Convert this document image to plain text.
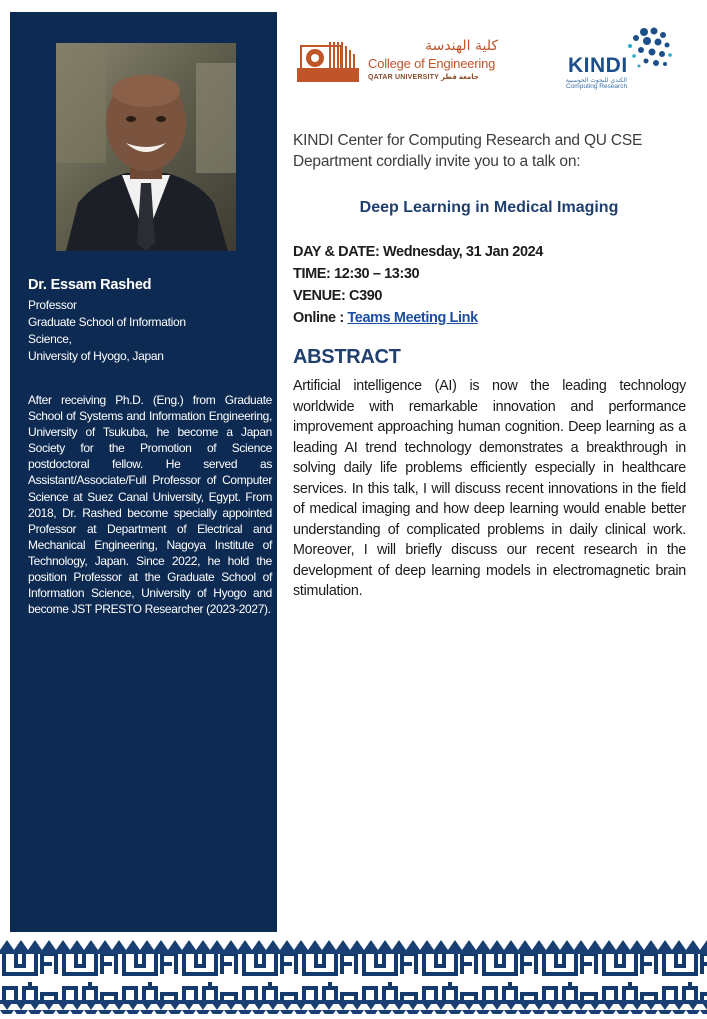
Dr. Essam Rashed
Professor
Graduate School of Information
Science,
University of Hyogo, Japan
After receiving Ph.D. (Eng.) from Graduate School of Systems and Information Engineering, University of Tsukuba, he become a Japan Society for the Promotion of Science postdoctoral fellow. He served as Assistant/Associate/Full Professor of Computer Science at Suez Canal University, Egypt. From 2018, Dr. Rashed become specially appointed Professor at Department of Electrical and Mechanical Engineering, Nagoya Institute of Technology, Japan. Since 2022, he hold the position Professor at the Graduate School of Information Science, University of Hyogo and become JST PRESTO Researcher (2023-2027).
كلية الهندسة
College of Engineering
QATAR UNIVERSITY جامعة قطر
KINDI
الكندي للبحوث الحوسبية
Computing Research
KINDI Center for Computing Research and QU CSE Department cordially invite you to a talk on:
Deep Learning in Medical Imaging
DAY & DATE: Wednesday, 31 Jan 2024
TIME: 12:30 – 13:30
VENUE: C390
Online : Teams Meeting Link
ABSTRACT
Artificial intelligence (AI) is now the leading technology worldwide with remarkable innovation and performance improvement approaching human cognition. Deep learning as a leading AI trend technology demonstrates a breakthrough in solving daily life problems efficiently especially in healthcare services. In this talk, I will discuss recent innovations in the field of medical imaging and how deep learning would enable better understanding of complicated problems in daily clinical work. Moreover, I will briefly discuss our recent research in the development of deep learning models in electromagnetic brain stimulation.
